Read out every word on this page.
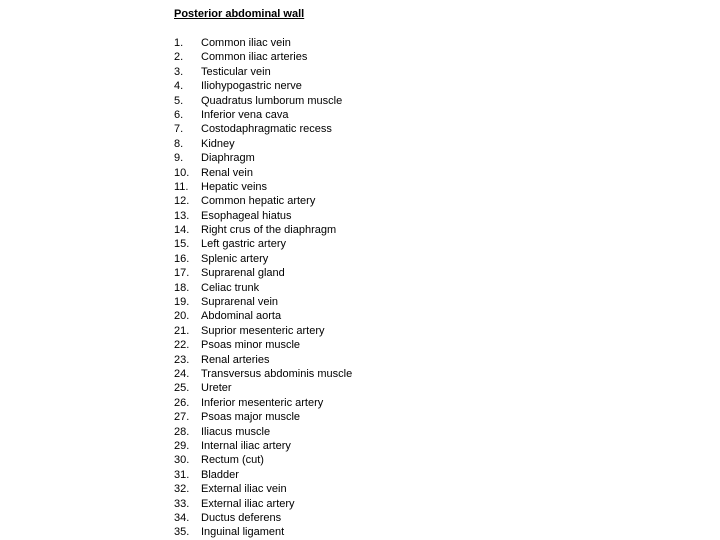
Posterior abdominal wall

1.	Common iliac vein
2.	Common iliac arteries
3.	Testicular vein
4.	Iliohypogastric nerve
5.	Quadratus lumborum muscle
6.	Inferior vena cava
7.	Costodaphragmatic recess
8.	Kidney
9.	Diaphragm
10.	Renal vein
11.	Hepatic veins
12.	Common hepatic artery
13.	Esophageal hiatus
14.	Right crus of the diaphragm
15.	Left gastric artery
16.	Splenic artery
17.	Suprarenal gland
18.	Celiac trunk
19.	Suprarenal vein
20.	Abdominal aorta
21.	Suprior mesenteric artery
22.	Psoas minor muscle
23.	Renal arteries
24.	Transversus abdominis muscle
25.	Ureter
26.	Inferior mesenteric artery
27.	Psoas major muscle
28.	Iliacus muscle
29.	Internal iliac artery
30.	Rectum (cut)
31.	Bladder
32.	External iliac vein
33.	External iliac artery
34.	Ductus deferens
35.	Inguinal ligament
